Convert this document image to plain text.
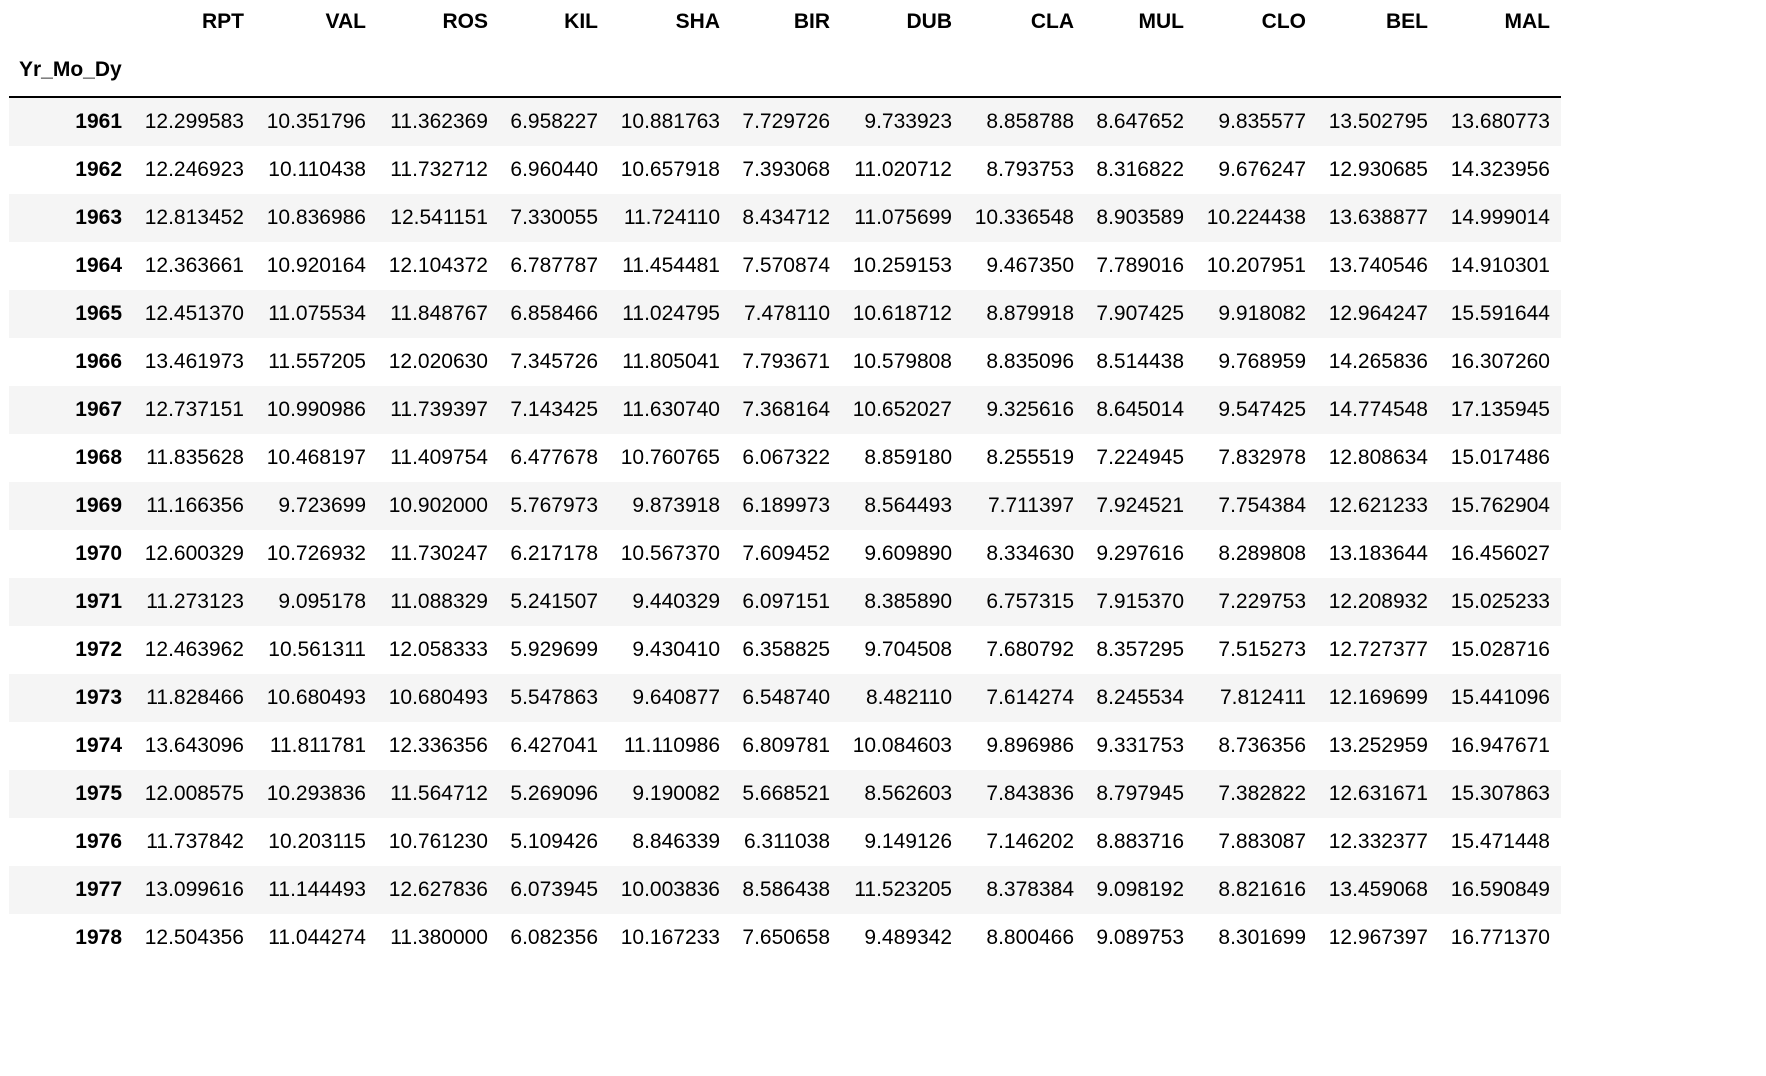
	RPT	VAL	ROS	KIL	SHA	BIR	DUB	CLA	MUL	CLO	BEL	MAL
Yr_Mo_Dy												
1961	12.299583	10.351796	11.362369	6.958227	10.881763	7.729726	9.733923	8.858788	8.647652	9.835577	13.502795	13.680773
1962	12.246923	10.110438	11.732712	6.960440	10.657918	7.393068	11.020712	8.793753	8.316822	9.676247	12.930685	14.323956
1963	12.813452	10.836986	12.541151	7.330055	11.724110	8.434712	11.075699	10.336548	8.903589	10.224438	13.638877	14.999014
1964	12.363661	10.920164	12.104372	6.787787	11.454481	7.570874	10.259153	9.467350	7.789016	10.207951	13.740546	14.910301
1965	12.451370	11.075534	11.848767	6.858466	11.024795	7.478110	10.618712	8.879918	7.907425	9.918082	12.964247	15.591644
1966	13.461973	11.557205	12.020630	7.345726	11.805041	7.793671	10.579808	8.835096	8.514438	9.768959	14.265836	16.307260
1967	12.737151	10.990986	11.739397	7.143425	11.630740	7.368164	10.652027	9.325616	8.645014	9.547425	14.774548	17.135945
1968	11.835628	10.468197	11.409754	6.477678	10.760765	6.067322	8.859180	8.255519	7.224945	7.832978	12.808634	15.017486
1969	11.166356	9.723699	10.902000	5.767973	9.873918	6.189973	8.564493	7.711397	7.924521	7.754384	12.621233	15.762904
1970	12.600329	10.726932	11.730247	6.217178	10.567370	7.609452	9.609890	8.334630	9.297616	8.289808	13.183644	16.456027
1971	11.273123	9.095178	11.088329	5.241507	9.440329	6.097151	8.385890	6.757315	7.915370	7.229753	12.208932	15.025233
1972	12.463962	10.561311	12.058333	5.929699	9.430410	6.358825	9.704508	7.680792	8.357295	7.515273	12.727377	15.028716
1973	11.828466	10.680493	10.680493	5.547863	9.640877	6.548740	8.482110	7.614274	8.245534	7.812411	12.169699	15.441096
1974	13.643096	11.811781	12.336356	6.427041	11.110986	6.809781	10.084603	9.896986	9.331753	8.736356	13.252959	16.947671
1975	12.008575	10.293836	11.564712	5.269096	9.190082	5.668521	8.562603	7.843836	8.797945	7.382822	12.631671	15.307863
1976	11.737842	10.203115	10.761230	5.109426	8.846339	6.311038	9.149126	7.146202	8.883716	7.883087	12.332377	15.471448
1977	13.099616	11.144493	12.627836	6.073945	10.003836	8.586438	11.523205	8.378384	9.098192	8.821616	13.459068	16.590849
1978	12.504356	11.044274	11.380000	6.082356	10.167233	7.650658	9.489342	8.800466	9.089753	8.301699	12.967397	16.771370
